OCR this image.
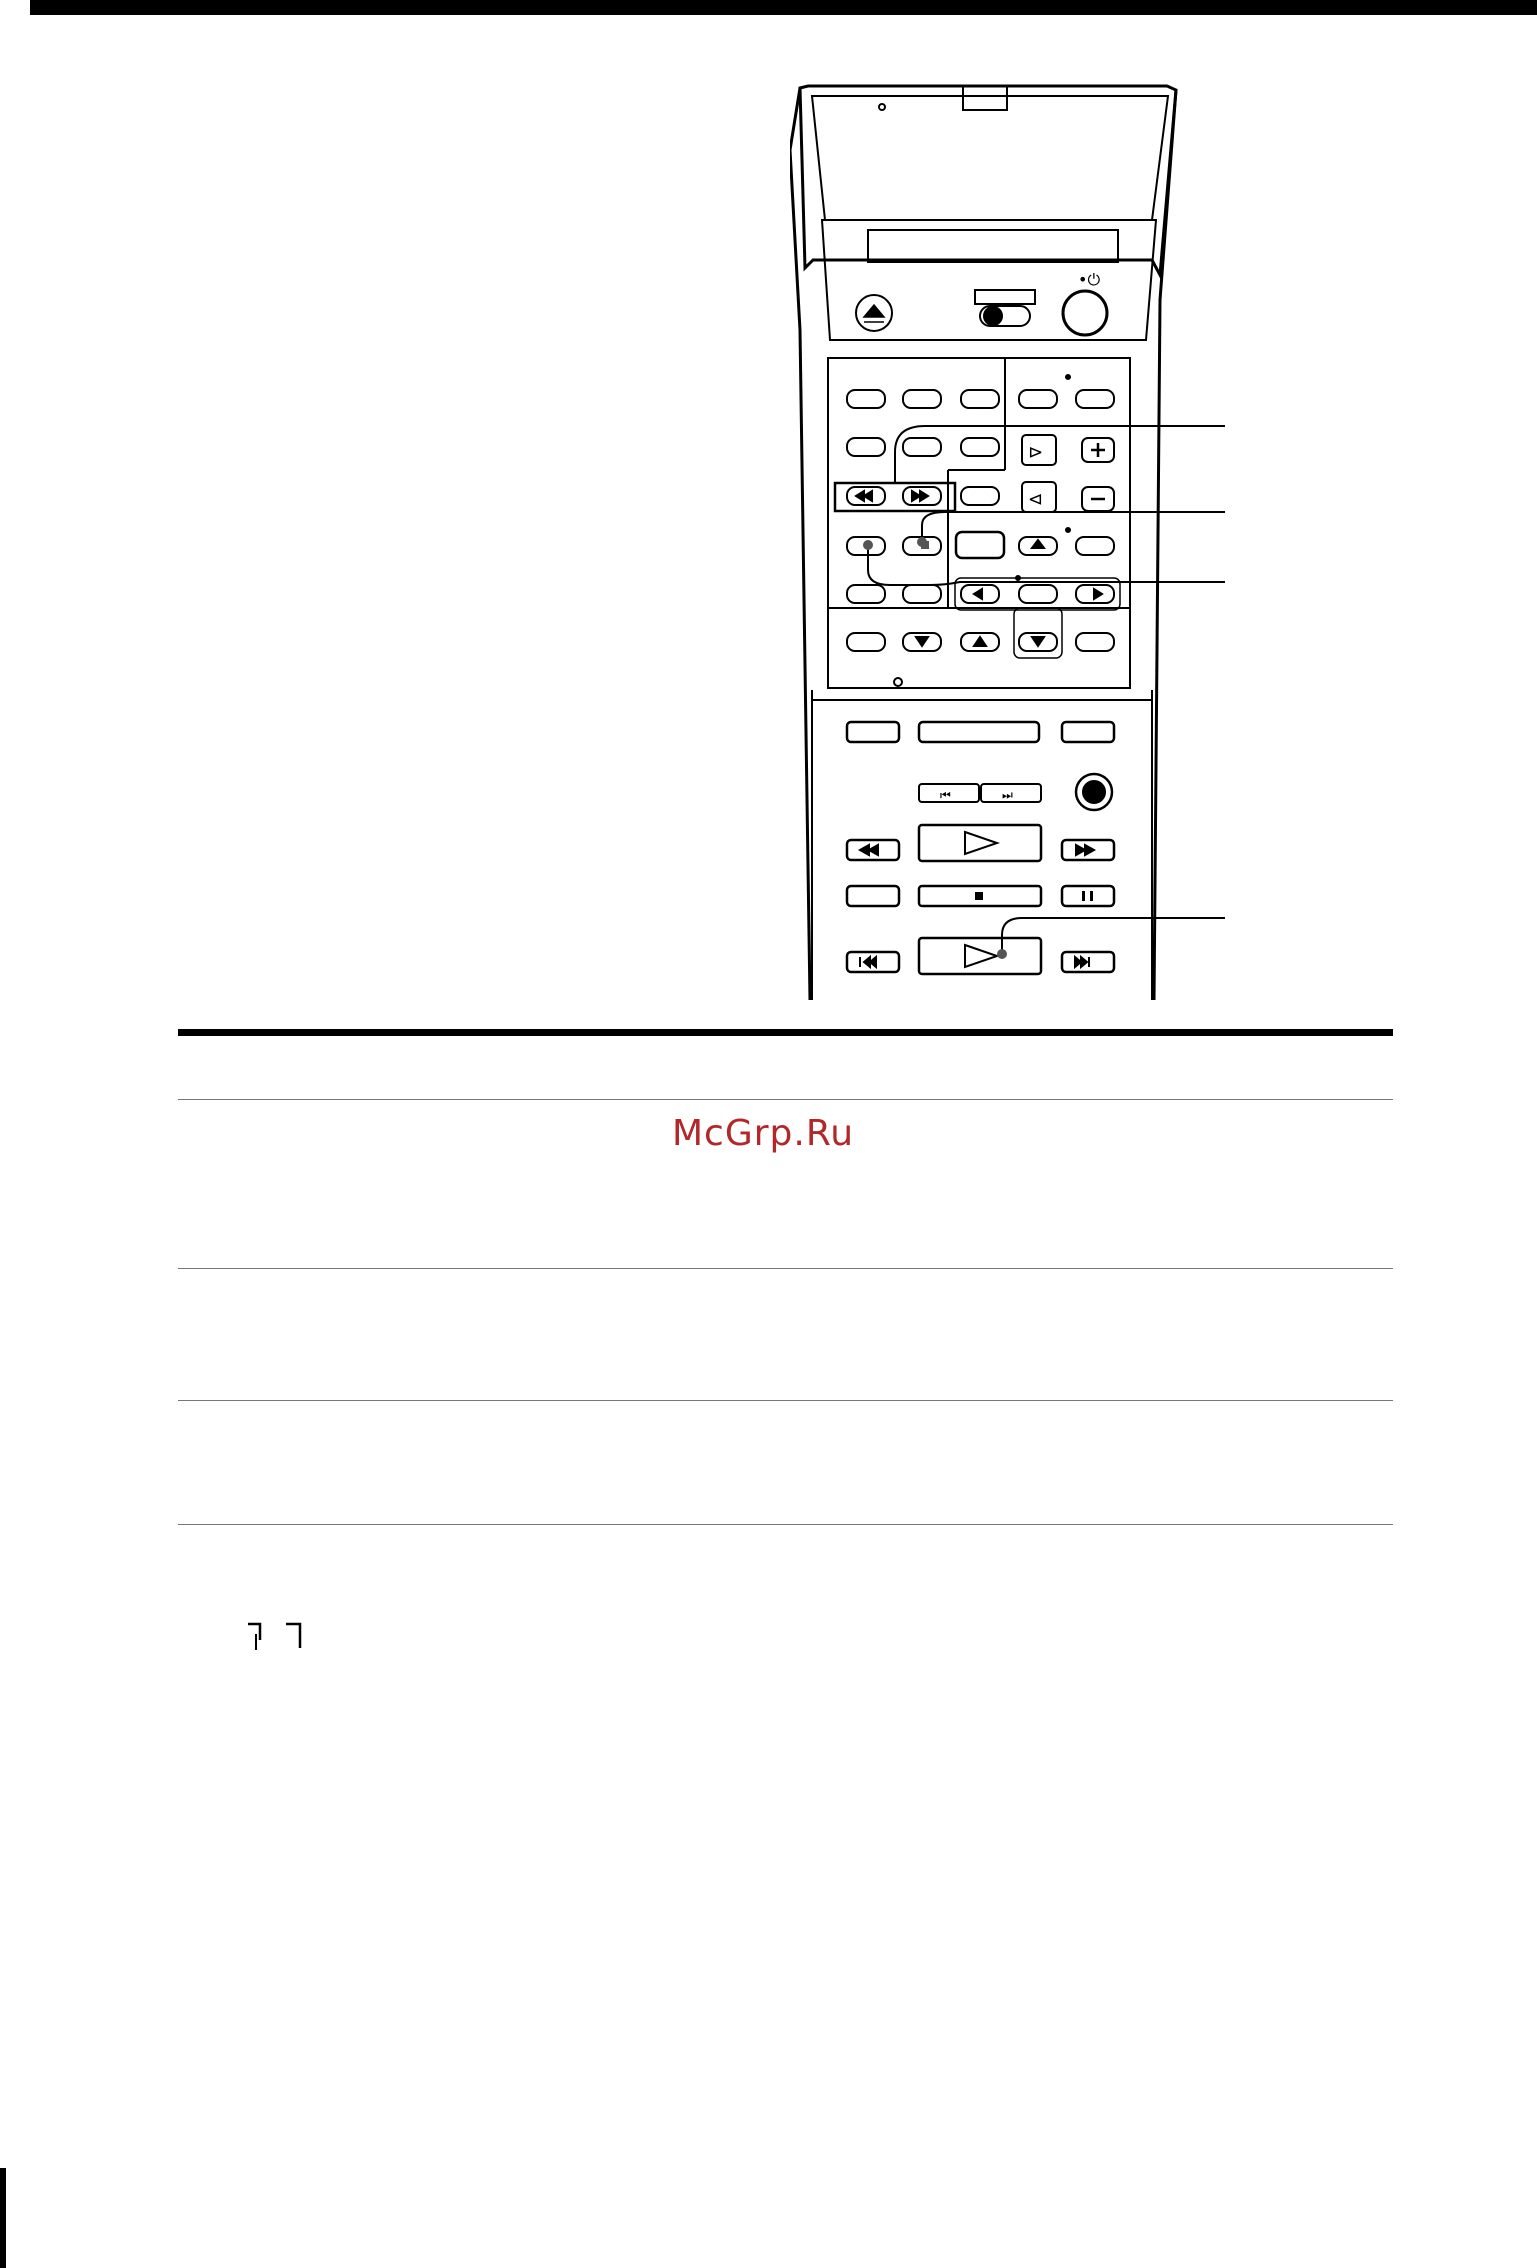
•⏻
⊳
⊲
⏮	⏭
McGrp.Ru
